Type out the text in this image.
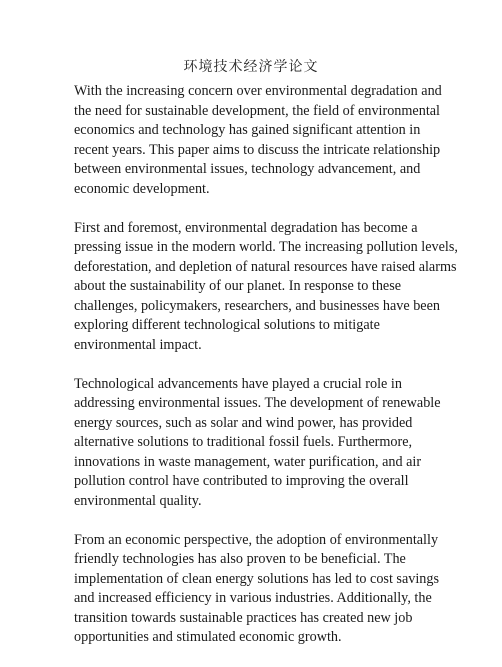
环境技术经济学论文

With the increasing concern over environmental degradation and
the need for sustainable development, the field of environmental
economics and technology has gained significant attention in
recent years. This paper aims to discuss the intricate relationship
between environmental issues, technology advancement, and
economic development.

First and foremost, environmental degradation has become a
pressing issue in the modern world. The increasing pollution levels,
deforestation, and depletion of natural resources have raised alarms
about the sustainability of our planet. In response to these
challenges, policymakers, researchers, and businesses have been
exploring different technological solutions to mitigate
environmental impact.

Technological advancements have played a crucial role in
addressing environmental issues. The development of renewable
energy sources, such as solar and wind power, has provided
alternative solutions to traditional fossil fuels. Furthermore,
innovations in waste management, water purification, and air
pollution control have contributed to improving the overall
environmental quality.

From an economic perspective, the adoption of environmentally
friendly technologies has also proven to be beneficial. The
implementation of clean energy solutions has led to cost savings
and increased efficiency in various industries. Additionally, the
transition towards sustainable practices has created new job
opportunities and stimulated economic growth.
